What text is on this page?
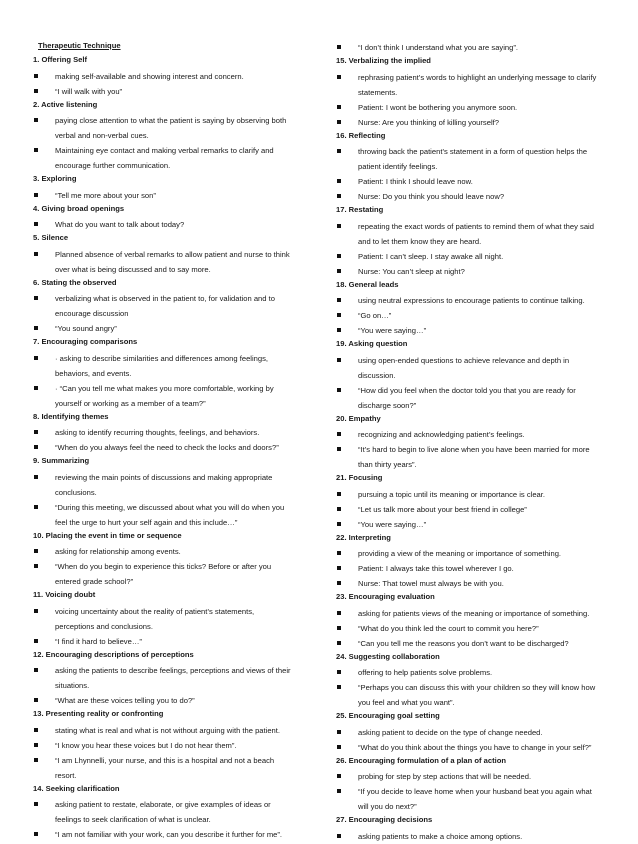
Therapeutic Technique
1. Offering Self
making self-available and showing interest and concern.
“I will walk with you”
2. Active listening
paying close attention to what the patient is saying by observing both verbal and non-verbal cues.
Maintaining eye contact and making verbal remarks to clarify and encourage further communication.
3. Exploring
“Tell me more about your son”
4. Giving broad openings
What do you want to talk about today?
5. Silence
Planned absence of verbal remarks to allow patient and nurse to think over what is being discussed and to say more.
6. Stating the observed
verbalizing what is observed in the patient to, for validation and to encourage discussion
“You sound angry”
7. Encouraging comparisons
· asking to describe similarities and differences among feelings, behaviors, and events.
· “Can you tell me what makes you more comfortable, working by yourself or working as a member of a team?”
8. Identifying themes
asking to identify recurring thoughts, feelings, and behaviors.
“When do you always feel the need to check the locks and doors?”
9. Summarizing
reviewing the main points of discussions and making appropriate conclusions.
“During this meeting, we discussed about what you will do when you feel the urge to hurt your self again and this include…”
10. Placing the event in time or sequence
asking for relationship among events.
“When do you begin to experience this ticks? Before or after you entered grade school?”
11. Voicing doubt
voicing uncertainty about the reality of patient’s statements, perceptions and conclusions.
“I find it hard to believe…”
12. Encouraging descriptions of perceptions
asking the patients to describe feelings, perceptions and views of their situations.
“What are these voices telling you to do?”
13. Presenting reality or confronting
stating what is real and what is not without arguing with the patient.
“I know you hear these voices but I do not hear them”.
“I am Lhynnelli, your nurse, and this is a hospital and not a beach resort.
14. Seeking clarification
asking patient to restate, elaborate, or give examples of ideas or feelings to seek clarification of what is unclear.
“I am not familiar with your work, can you describe it further for me”.
“I don’t think I understand what you are saying”.
15. Verbalizing the implied
rephrasing patient’s words to highlight an underlying message to clarify statements.
Patient: I wont be bothering you anymore soon.
Nurse: Are you thinking of killing yourself?
16. Reflecting
throwing back the patient’s statement in a form of question helps the patient identify feelings.
Patient: I think I should leave now.
Nurse: Do you think you should leave now?
17. Restating
repeating the exact words of patients to remind them of what they said and to let them know they are heard.
Patient: I can’t sleep. I stay awake all night.
Nurse: You can’t sleep at night?
18. General leads
using neutral expressions to encourage patients to continue talking.
“Go on…”
“You were saying…”
19. Asking question
using open-ended questions to achieve relevance and depth in discussion.
“How did you feel when the doctor told you that you are ready for discharge soon?”
20. Empathy
recognizing and acknowledging patient’s feelings.
“It’s hard to begin to live alone when you have been married for more than thirty years”.
21. Focusing
pursuing a topic until its meaning or importance is clear.
“Let us talk more about your best friend in college”
“You were saying…”
22. Interpreting
providing a view of the meaning or importance of something.
Patient: I always take this towel wherever I go.
Nurse: That towel must always be with you.
23. Encouraging evaluation
asking for patients views of the meaning or importance of something.
“What do you think led the court to commit you here?”
“Can you tell me the reasons you don’t want to be discharged?
24. Suggesting collaboration
offering to help patients solve problems.
“Perhaps you can discuss this with your children so they will know how you feel and what you want”.
25. Encouraging goal setting
asking patient to decide on the type of change needed.
“What do you think about the things you have to change in your self?”
26. Encouraging formulation of a plan of action
probing for step by step actions that will be needed.
“If you decide to leave home when your husband beat you again what will you do next?”
27. Encouraging decisions
asking patients to make a choice among options.
